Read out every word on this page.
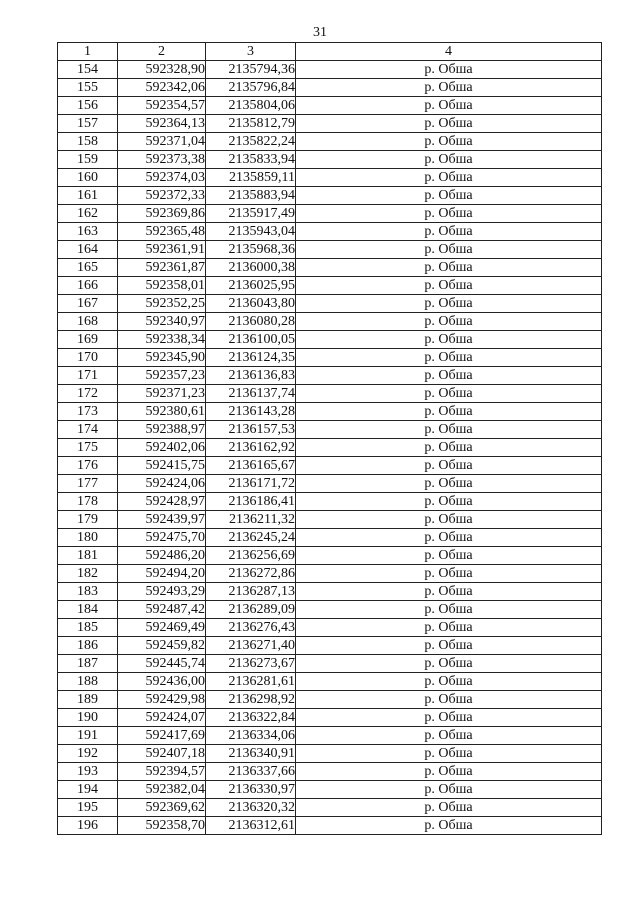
31
1	2	3	4
154	592328,90	2135794,36	р. Обша
155	592342,06	2135796,84	р. Обша
156	592354,57	2135804,06	р. Обша
157	592364,13	2135812,79	р. Обша
158	592371,04	2135822,24	р. Обша
159	592373,38	2135833,94	р. Обша
160	592374,03	2135859,11	р. Обша
161	592372,33	2135883,94	р. Обша
162	592369,86	2135917,49	р. Обша
163	592365,48	2135943,04	р. Обша
164	592361,91	2135968,36	р. Обша
165	592361,87	2136000,38	р. Обша
166	592358,01	2136025,95	р. Обша
167	592352,25	2136043,80	р. Обша
168	592340,97	2136080,28	р. Обша
169	592338,34	2136100,05	р. Обша
170	592345,90	2136124,35	р. Обша
171	592357,23	2136136,83	р. Обша
172	592371,23	2136137,74	р. Обша
173	592380,61	2136143,28	р. Обша
174	592388,97	2136157,53	р. Обша
175	592402,06	2136162,92	р. Обша
176	592415,75	2136165,67	р. Обша
177	592424,06	2136171,72	р. Обша
178	592428,97	2136186,41	р. Обша
179	592439,97	2136211,32	р. Обша
180	592475,70	2136245,24	р. Обша
181	592486,20	2136256,69	р. Обша
182	592494,20	2136272,86	р. Обша
183	592493,29	2136287,13	р. Обша
184	592487,42	2136289,09	р. Обша
185	592469,49	2136276,43	р. Обша
186	592459,82	2136271,40	р. Обша
187	592445,74	2136273,67	р. Обша
188	592436,00	2136281,61	р. Обша
189	592429,98	2136298,92	р. Обша
190	592424,07	2136322,84	р. Обша
191	592417,69	2136334,06	р. Обша
192	592407,18	2136340,91	р. Обша
193	592394,57	2136337,66	р. Обша
194	592382,04	2136330,97	р. Обша
195	592369,62	2136320,32	р. Обша
196	592358,70	2136312,61	р. Обша
